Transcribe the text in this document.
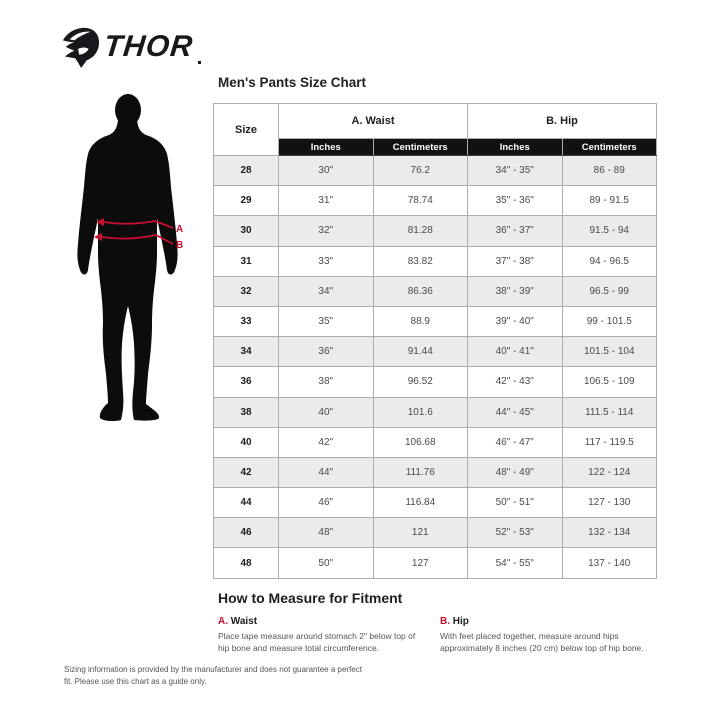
THOR
Men's Pants Size Chart
A
B
Size	A. Waist		B. Hip	
	Inches	Centimeters	Inches	Centimeters
28	30"	76.2	34" - 35"	86 - 89
29	31"	78.74	35" - 36"	89 - 91.5
30	32"	81.28	36" - 37"	91.5 - 94
31	33"	83.82	37" - 38"	94 - 96.5
32	34"	86.36	38" - 39"	96.5 - 99
33	35"	88.9	39" - 40"	99 - 101.5
34	36"	91.44	40" - 41"	101.5 - 104
36	38"	96.52	42" - 43"	106.5 - 109
38	40"	101.6	44" - 45"	111.5 - 114
40	42"	106.68	46" - 47"	117 - 119.5
42	44"	111.76	48" - 49"	122 - 124
44	46"	116.84	50" - 51"	127 - 130
46	48"	121	52" - 53"	132 - 134
48	50"	127	54" - 55"	137 - 140
How to Measure for Fitment
A. Waist
Place tape measure around stomach 2" below top of hip bone and measure total circumference.
B. Hip
With feet placed together, measure around hips approximately 8 inches (20 cm) below top of hip bone.
Sizing information is provided by the manufacturer and does not guarantee a perfect fit. Please use this chart as a guide only.
